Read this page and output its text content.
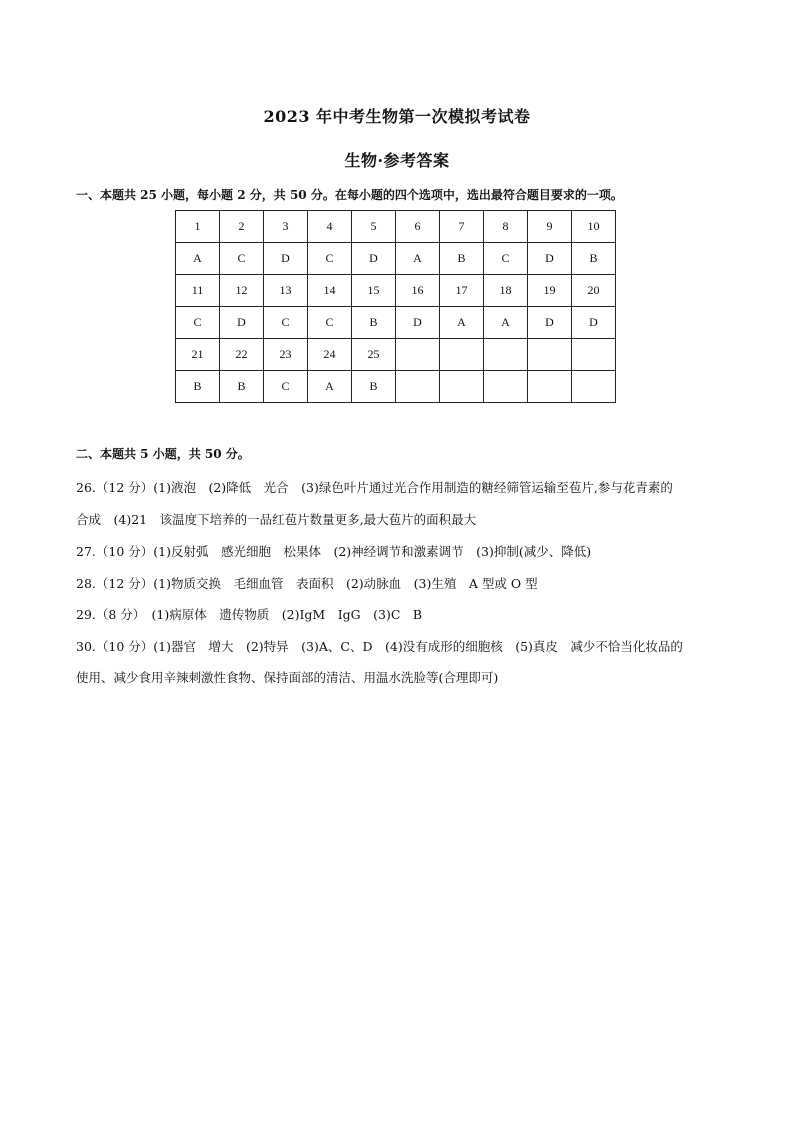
2023 年中考生物第一次模拟考试卷
生物·参考答案
一、本题共 25 小题，每小题 2 分，共 50 分。在每小题的四个选项中，选出最符合题目要求的一项。
1	2	3	4	5	6	7	8	9	10
A	C	D	C	D	A	B	C	D	B
11	12	13	14	15	16	17	18	19	20
C	D	C	C	B	D	A	A	D	D
21	22	23	24	25					
B	B	C	A	B					
二、本题共 5 小题，共 50 分。
26.（12 分）(1)液泡　(2)降低　光合　(3)绿色叶片通过光合作用制造的糖经筛管运输至苞片,参与花青素的
合成　(4)21　该温度下培养的一品红苞片数量更多,最大苞片的面积最大
27.（10 分）(1)反射弧　感光细胞　松果体　(2)神经调节和激素调节　(3)抑制(减少、降低)
28.（12 分）(1)物质交换　毛细血管　表面积　(2)动脉血　(3)生殖　A 型或 O 型
29.（8 分）　(1)病原体　遗传物质　(2)IgM　IgG　(3)C　B
30.（10 分）(1)器官　增大　(2)特异　(3)A、C、D　(4)没有成形的细胞核　(5)真皮　减少不恰当化妆品的
使用、减少食用辛辣刺激性食物、保持面部的清洁、用温水洗脸等(合理即可)
